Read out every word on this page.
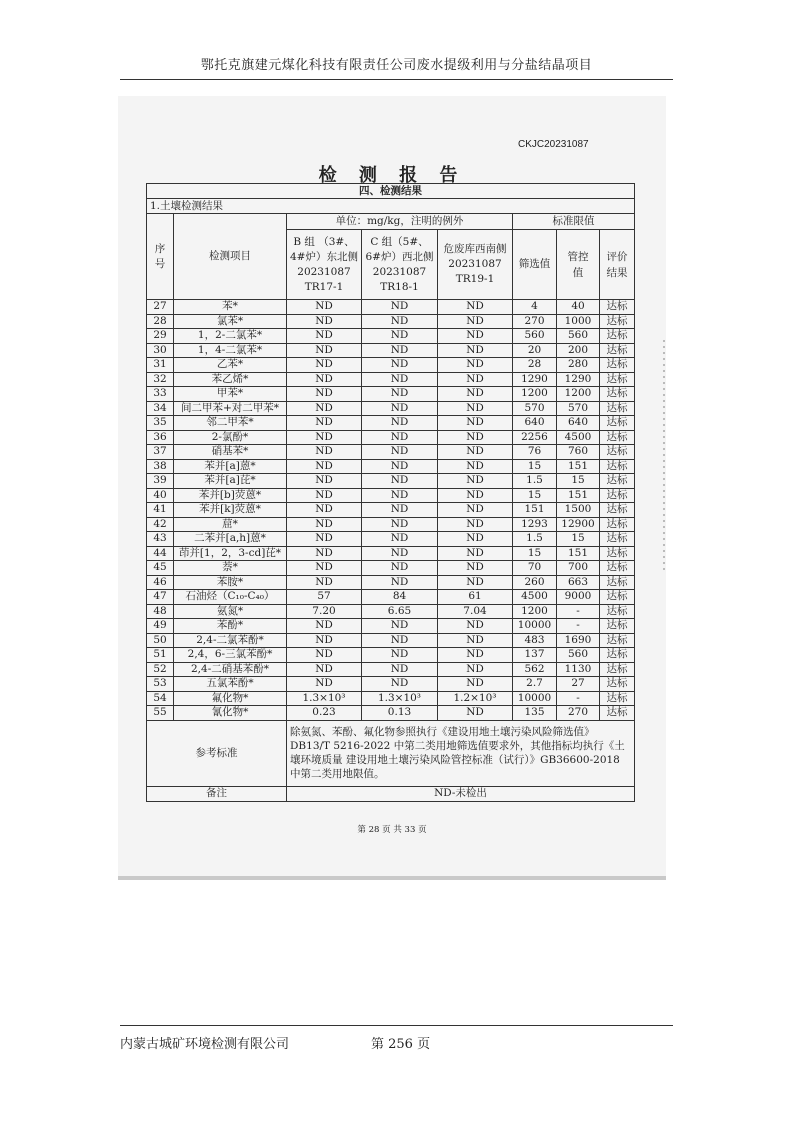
鄂托克旗建元煤化科技有限责任公司废水提级利用与分盐结晶项目
CKJC20231087
检 测 报 告
四、检测结果							
1.土壤检测结果							
序号	检测项目	单位：mg/kg，注明的例外			标准限值		
		B 组 （3#、4#炉）东北侧 20231087 TR17-1	C 组（5#、6#炉）西北侧 20231087 TR18-1	危废库西南侧 20231087 TR19-1	筛选值	管控值	评价结果
27	苯*	ND	ND	ND	4	40	达标
28	氯苯*	ND	ND	ND	270	1000	达标
29	1，2-二氯苯*	ND	ND	ND	560	560	达标
30	1，4-二氯苯*	ND	ND	ND	20	200	达标
31	乙苯*	ND	ND	ND	28	280	达标
32	苯乙烯*	ND	ND	ND	1290	1290	达标
33	甲苯*	ND	ND	ND	1200	1200	达标
34	间二甲苯+对二甲苯*	ND	ND	ND	570	570	达标
35	邻二甲苯*	ND	ND	ND	640	640	达标
36	2-氯酚*	ND	ND	ND	2256	4500	达标
37	硝基苯*	ND	ND	ND	76	760	达标
38	苯并[a]蒽*	ND	ND	ND	15	151	达标
39	苯并[a]芘*	ND	ND	ND	1.5	15	达标
40	苯并[b]荧蒽*	ND	ND	ND	15	151	达标
41	苯并[k]荧蒽*	ND	ND	ND	151	1500	达标
42	䓛*	ND	ND	ND	1293	12900	达标
43	二苯并[a,h]蒽*	ND	ND	ND	1.5	15	达标
44	茚并[1，2，3-cd]芘*	ND	ND	ND	15	151	达标
45	萘*	ND	ND	ND	70	700	达标
46	苯胺*	ND	ND	ND	260	663	达标
47	石油烃（C₁₀-C₄₀）	57	84	61	4500	9000	达标
48	氨氮*	7.20	6.65	7.04	1200	-	达标
49	苯酚*	ND	ND	ND	10000	-	达标
50	2,4-二氯苯酚*	ND	ND	ND	483	1690	达标
51	2,4，6-三氯苯酚*	ND	ND	ND	137	560	达标
52	2,4-二硝基苯酚*	ND	ND	ND	562	1130	达标
53	五氯苯酚*	ND	ND	ND	2.7	27	达标
54	氟化物*	1.3×10³	1.3×10³	1.2×10³	10000	-	达标
55	氰化物*	0.23	0.13	ND	135	270	达标
参考标准		除氨氮、苯酚、氟化物参照执行《建设用地土壤污染风险筛选值》DB13/T 5216-2022 中第二类用地筛选值要求外，其他指标均执行《土壤环境质量 建设用地土壤污染风险管控标准（试行）》GB36600-2018 中第二类用地限值。					
备注		ND-未检出					
第 28 页 共 33 页
内蒙古城矿环境检测有限公司	第 256 页
